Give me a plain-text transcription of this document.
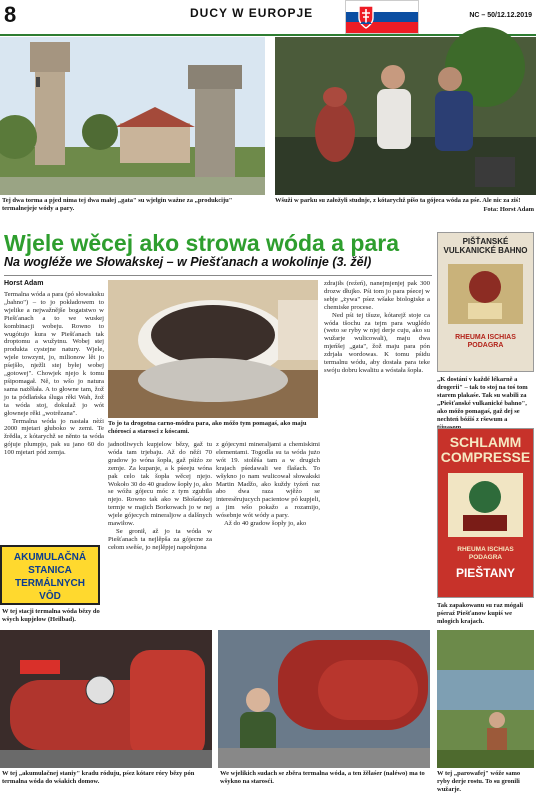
8	DUCY W EUROPJE	NC – 50/12.12.2019
Tej dwa torma a pjed nima tej dwa małej „gata" su wjelgin ważne za „produkciju" termalnejeje wódy a pary.
Wšuži w parku su załožyli studnje, z kótarychž píšo ta gójeca wóda za pśe. Ale nic za ziś!
Fota: Horst Adam
Wjele wěcej ako strowa wóda a para
Na wogléže we Słowakskej – w Piešťanach a wokolinje (3. žěl)
Horst Adam

Termalna wóda a para (pó słowaksku „bahno") – to jo pokładowem to wjelike a nejwažnějše bogatstwo w Piešťanach a to we wuskej kombinacji wobeju. Rowno to wugótujo kura w Piešťanach tak droptomu a wužytnu. Wobej stej produkta cystejne natury. Wjele, wjele towzynt, jo, milionow lět jo pśejšło, nježli stej byłej wobej „gotowej". Chowjek njejo k tomu pśipomagał. Ně, to wšo jo natura sama nażěłała. A to głowne tam, žož jo ta pódlańska śluga rěki Wah, žož ta wóda stoj, dokulaž jo wót głowneje rěki „wotrězana".

Termalna wóda jo nastała nèźi 2000 mjetari głuboko w zemi. Te žrědła, z kótarychž se něnto ta wóda gójuje plumpjo, pak su jano 60 do 100 mjetari pód zemja.

To jo ta drogotna carno-módra para, ako móžo tym pomagaś, ako maju chóroscí a starosci z kóscami.

jadnotliwych kupjelow bězy, gaž tu wóda tam trjebaju. Až do něźi 70 gradow jo wóna šopła, gaž pśiźo ze zemje. Za kupanje, a k pśeeju wóna pak celo tak šopła wěcej njejo. Wokoło 30 do 40 gradow šopły jo, ako se wóžu gójecu móc z tym zgubila njejo. Rowno tak ako w Błošańskej termje w majich Borkowach jo w nej wjele gójecych mineraljow a dalšnych mawiłow.

Se gronił, až jo ta wóda w Piešťanach ta nejlěpša za gójecne za cełom swěśe, jo nejlěpjej napołnjona

z gójecymi mineraljami a chemiskimi elementami. Togodla su ta wóda jużo wót 19. stolěśa tam a w drugich krajach pśedawali we flašach. To wšykno jo nam wulicował słowakski Martin Madžo, ako kuždy tyźeń raz abo dwa raza wjěźo se interesěrujucych pacientow pó kupjeli, a jim wšo pokažo a rozamijo, wósebnje wót wódy a pary.

Až do 40 gradow šopły jo, ako

zdrajiłs (reźeń), nanejmjenjej pak 300 drozw dłujko. Pśi tom jo para pśecej w sebje „żywa" pśez wšake biologiske a chemiske procese.

Ned pśi tej tšuze, kótarejž stoje ca wóda tšochu za tejm para wuglédo (weto se ryby w njej derje cuju, ako su wužarje wulicowali), maju dwa mjeńšej „gata", žož maju para pón zdrjała wordowas. K tomu pśidu termalnu wódu, aby dostała para teke swóju dobru kwalitu a wóstała šopła.

PIŠŤANSKÉ VULKANICKÉ BAHNO
RHEUMA ISCHIAS PODAGRA
„K dostání v každé lékarně a drogerii" – tak to stoj na toś tom starem plakaśe. Tak su wabili za „Piešťanské vulkanické bahno", ako móžo pomagaś, gaž dej se nechteń bóźiś z ršewum a
AKUMULAČNÁ STANICA TERMÁLNYCH VÔD
W tej stacji termalna wóda bězy do wšych kupjelow (Heilbad).
SCHLAMM COMPRESSE
RHEUMA ISCHIAS PODAGRA
PIEŠTANY
Tak zapakowanu su raz mógali pśeraź Piešťanow kupiś we mlogich krajach.
W tej „akumulačnej staniy" kradu róduju, pśez kótare róry bězy pón termalna wóda do wšakich domow.
We wjelikich sudach se zběra termalna wóda, a ten žělaśer (naléwo) ma to wšykno na starosći.
W tej „parowafej" wóže samo ryby derje rostu. To su gronili wužarje.
